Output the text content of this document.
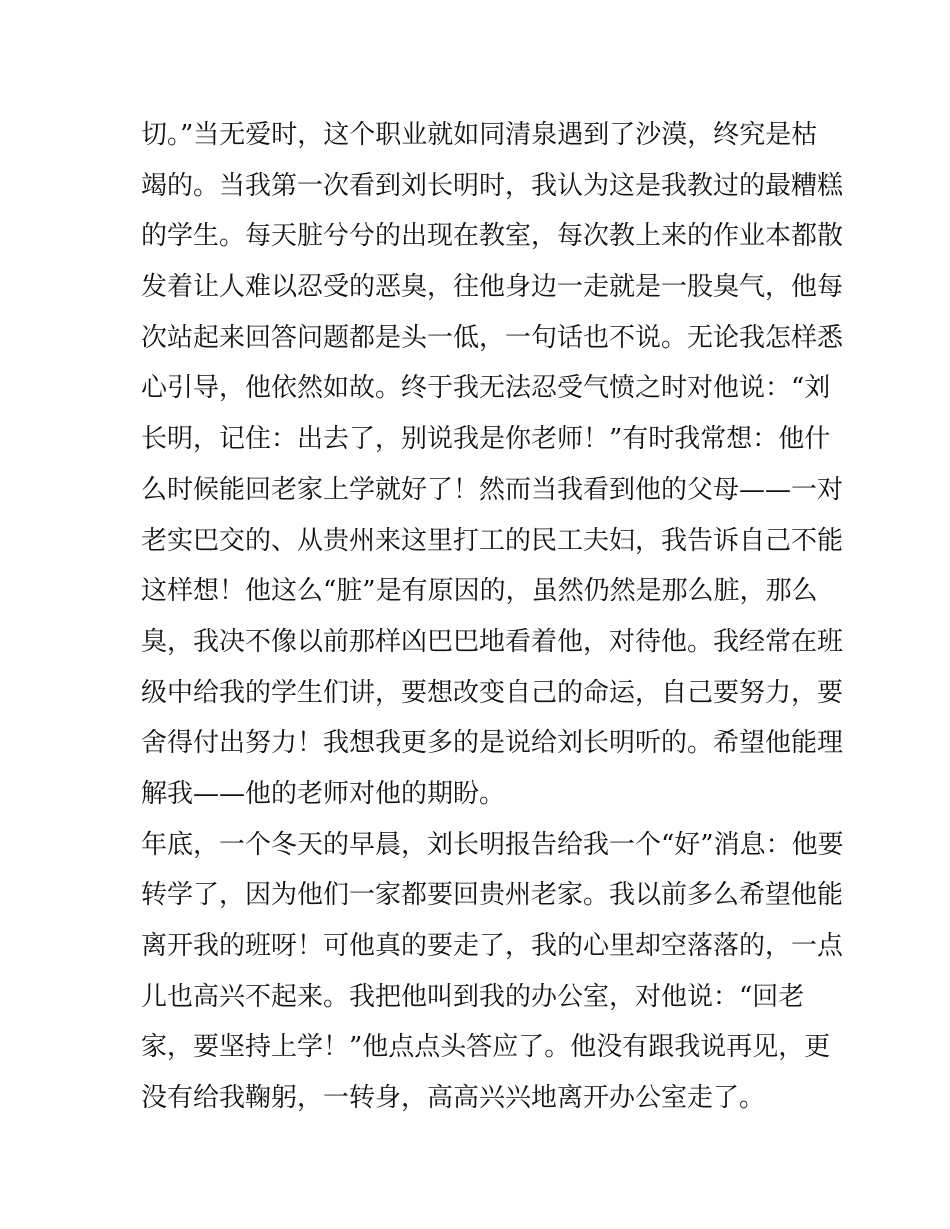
切。”当无爱时，这个职业就如同清泉遇到了沙漠，终究是枯
竭的。当我第一次看到刘长明时，我认为这是我教过的最糟糕
的学生。每天脏兮兮的出现在教室，每次教上来的作业本都散
发着让人难以忍受的恶臭，往他身边一走就是一股臭气，他每
次站起来回答问题都是头一低，一句话也不说。无论我怎样悉
心引导，他依然如故。终于我无法忍受气愤之时对他说：“刘
长明，记住：出去了，别说我是你老师！”有时我常想：他什
么时候能回老家上学就好了！然而当我看到他的父母——一对
老实巴交的、从贵州来这里打工的民工夫妇，我告诉自己不能
这样想！他这么“脏”是有原因的，虽然仍然是那么脏，那么
臭，我决不像以前那样凶巴巴地看着他，对待他。我经常在班
级中给我的学生们讲，要想改变自己的命运，自己要努力，要
舍得付出努力！我想我更多的是说给刘长明听的。希望他能理
解我——他的老师对他的期盼。
年底，一个冬天的早晨，刘长明报告给我一个“好”消息：他要
转学了，因为他们一家都要回贵州老家。我以前多么希望他能
离开我的班呀！可他真的要走了，我的心里却空落落的，一点
儿也高兴不起来。我把他叫到我的办公室，对他说：“回老
家，要坚持上学！”他点点头答应了。他没有跟我说再见，更
没有给我鞠躬，一转身，高高兴兴地离开办公室走了。
